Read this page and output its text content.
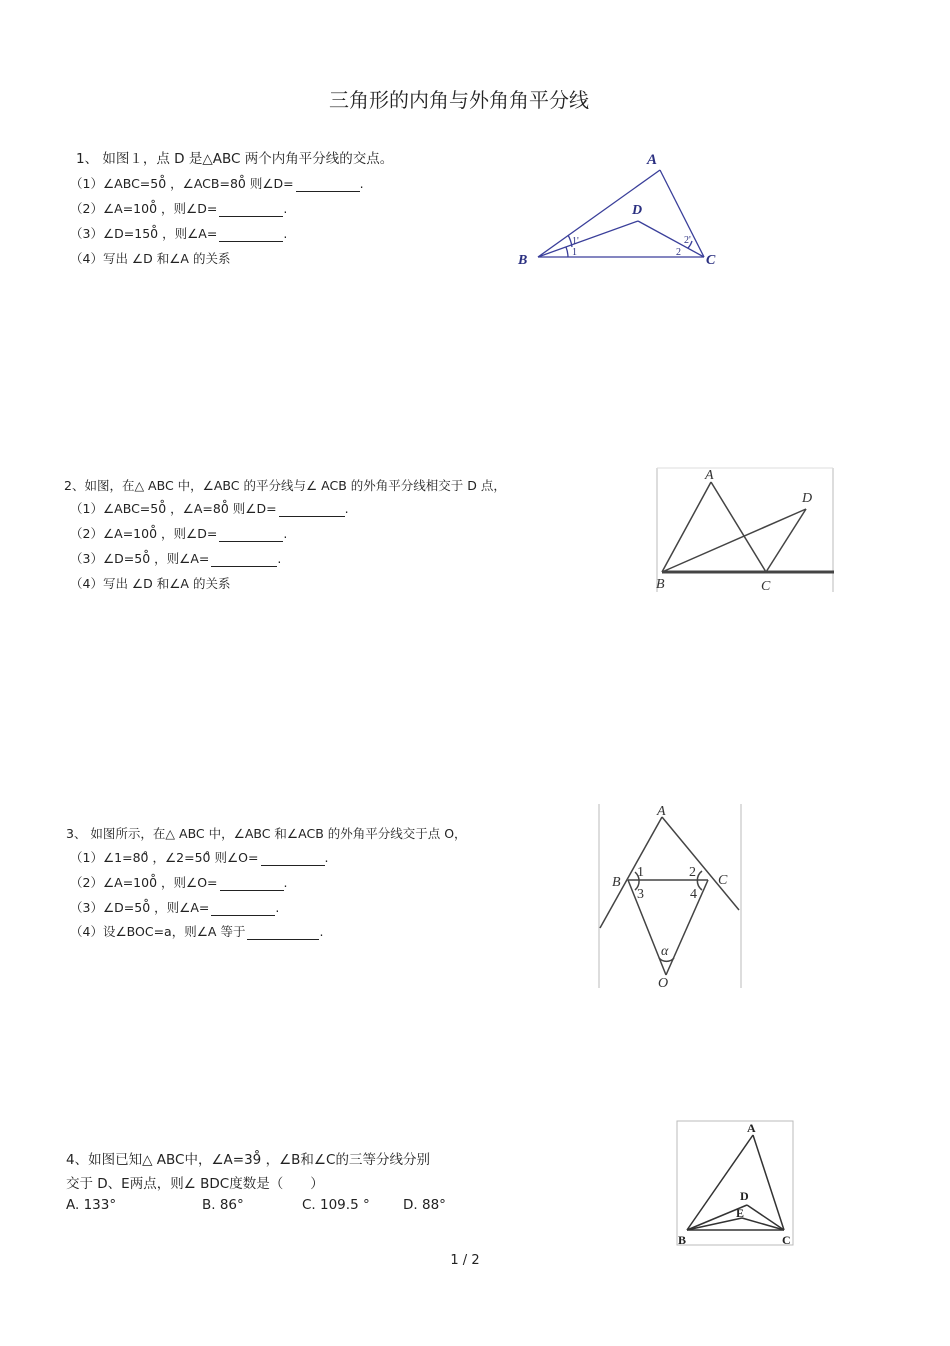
三角形的内角与外角角平分线
1、 如图１，点 D 是△ABC 两个内角平分线的交点。
（1）∠ABC=50̊ ，∠ACB=80̊ 则∠D=	.
（2）∠A=100̊ ，则∠D=	.
（3）∠D=150̊ ，则∠A=	.
（4）写出 ∠D 和∠A 的关系
A
B	C
D
1'
1
2'
2
2、如图，在△ ABC 中，∠ABC 的平分线与∠ ACB 的外角平分线相交于 D 点，
（1）∠ABC=50̊ ，∠A=80̊ 则∠D=	.
（2）∠A=100̊ ，则∠D=	.
（3）∠D=50̊ ，则∠A=	.
（4）写出 ∠D 和∠A 的关系
A
B	C
D
3、 如图所示，在△ ABC 中，∠ABC 和∠ACB 的外角平分线交于点 O，
（1）∠1=80̊ ，∠2=50̊ 则∠O=	.
（2）∠A=100̊ ，则∠O=	.
（3）∠D=50̊ ，则∠A=	.
（4）设∠BOC=a，则∠A 等于	.
A
B	C
O
1	2
3	4
α
4、如图已知△ ABC中，∠A=39̊ ，∠B和∠C的三等分线分别
交于 D、E两点，则∠ BDC度数是（　　）
A. 133°	B. 86°	C. 109.5 ° D. 88°
A
B	C
D
E
1 / 2
